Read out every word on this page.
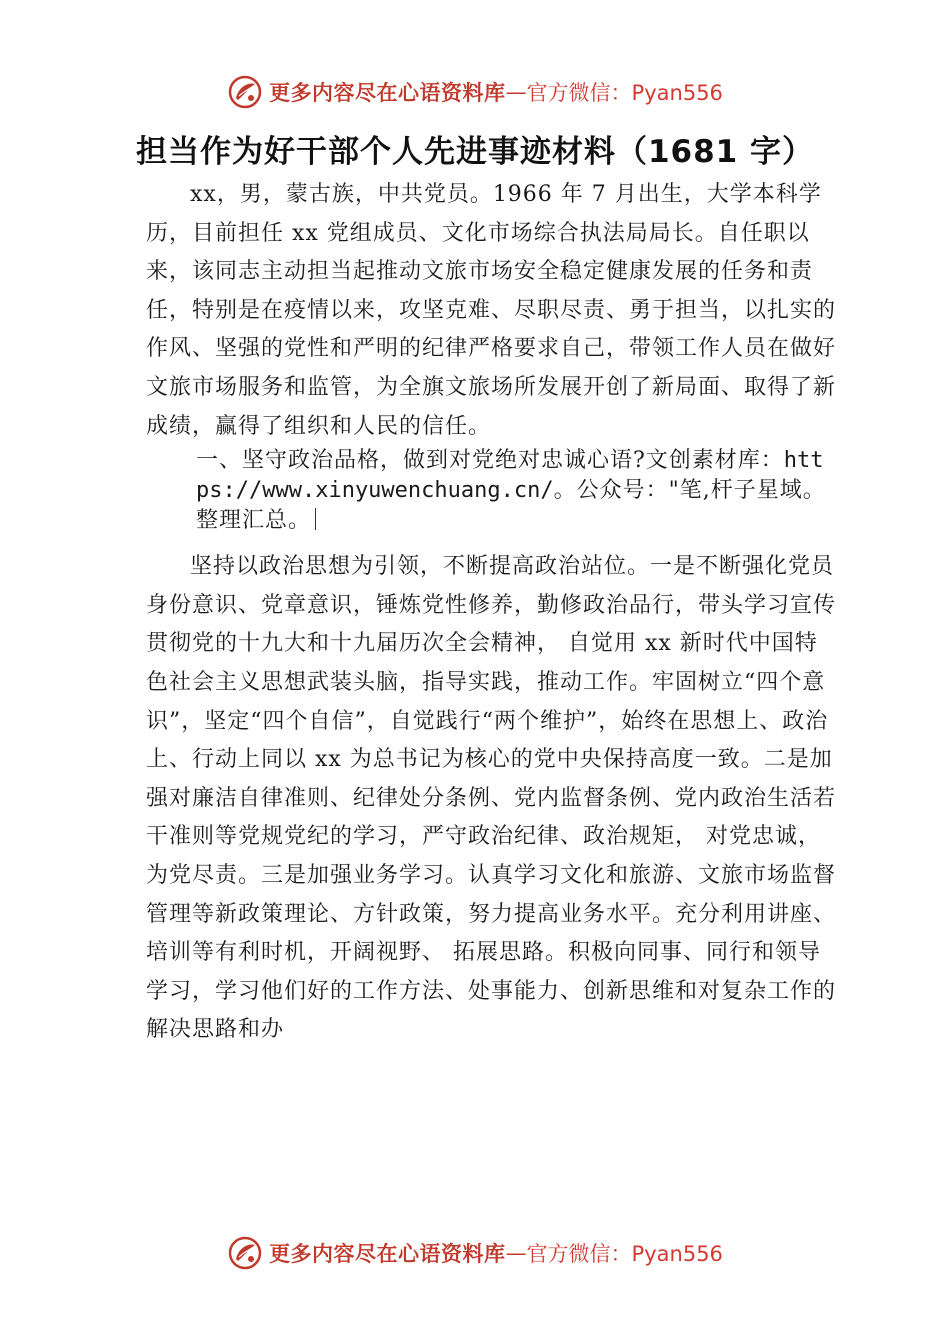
更多内容尽在心语资料库 — 官方微信：Pyan556
担当作为好干部个人先进事迹材料（1681 字）

xx，男，蒙古族，中共党员。1966 年 7 月出生，大学本科学历，目前担任 xx 党组成员、文化市场综合执法局局长。自任职以来，该同志主动担当起推动文旅市场安全稳定健康发展的任务和责任，特别是在疫情以来，攻坚克难、尽职尽责、勇于担当，以扎实的作风、坚强的党性和严明的纪律严格要求自己，带领工作人员在做好文旅市场服务和监管，为全旗文旅场所发展开创了新局面、取得了新成绩，赢得了组织和人民的信任。

一、坚守政治品格，做到对党绝对忠诚心语?文创素材库：https://www.xinyuwenchuang.cn/。公众号："笔,杆子星域。整理汇总。

坚持以政治思想为引领，不断提高政治站位。一是不断强化党员身份意识、党章意识，锤炼党性修养，勤修政治品行，带头学习宣传贯彻党的十九大和十九届历次全会精神， 自觉用 xx 新时代中国特色社会主义思想武装头脑，指导实践，推动工作。牢固树立“四个意识”，坚定“四个自信”，自觉践行“两个维护”，始终在思想上、政治上、行动上同以 xx 为总书记为核心的党中央保持高度一致。二是加强对廉洁自律准则、纪律处分条例、党内监督条例、党内政治生活若干准则等党规党纪的学习，严守政治纪律、政治规矩， 对党忠诚，为党尽责。三是加强业务学习。认真学习文化和旅游、文旅市场监督管理等新政策理论、方针政策，努力提高业务水平。充分利用讲座、培训等有利时机，开阔视野、 拓展思路。积极向同事、同行和领导学习，学习他们好的工作方法、处事能力、创新思维和对复杂工作的解决思路和办

更多内容尽在心语资料库 — 官方微信：Pyan556
